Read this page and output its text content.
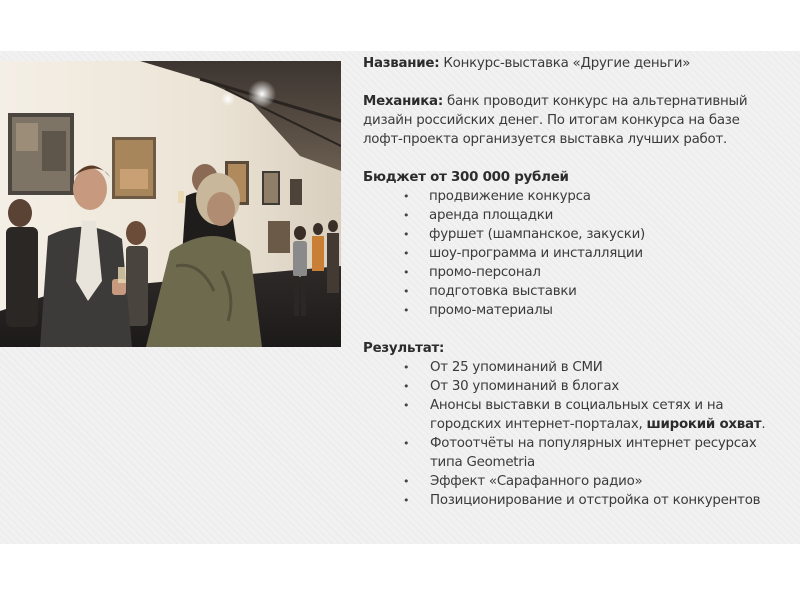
Название: Конкурс-выставка «Другие деньги»

Механика: банк проводит конкурс на альтернативный
дизайн российских денег. По итогам конкурса на базе
лофт-проекта организуется выставка лучших работ.

Бюджет от 300 000 рублей

• продвижение конкурса
• аренда площадки
• фуршет (шампанское, закуски)
• шоу-программа и инсталляции
• промо-персонал
• подготовка выставки
• промо-материалы

Результат:

• От 25 упоминаний в СМИ
• От 30 упоминаний в блогах
• Анонсы выставки в социальных сетях и на
городских интернет-порталах, широкий охват.
• Фотоотчёты на популярных интернет ресурсах
типа Geometria
• Эффект «Сарафанного радио»
• Позиционирование и отстройка от конкурентов
